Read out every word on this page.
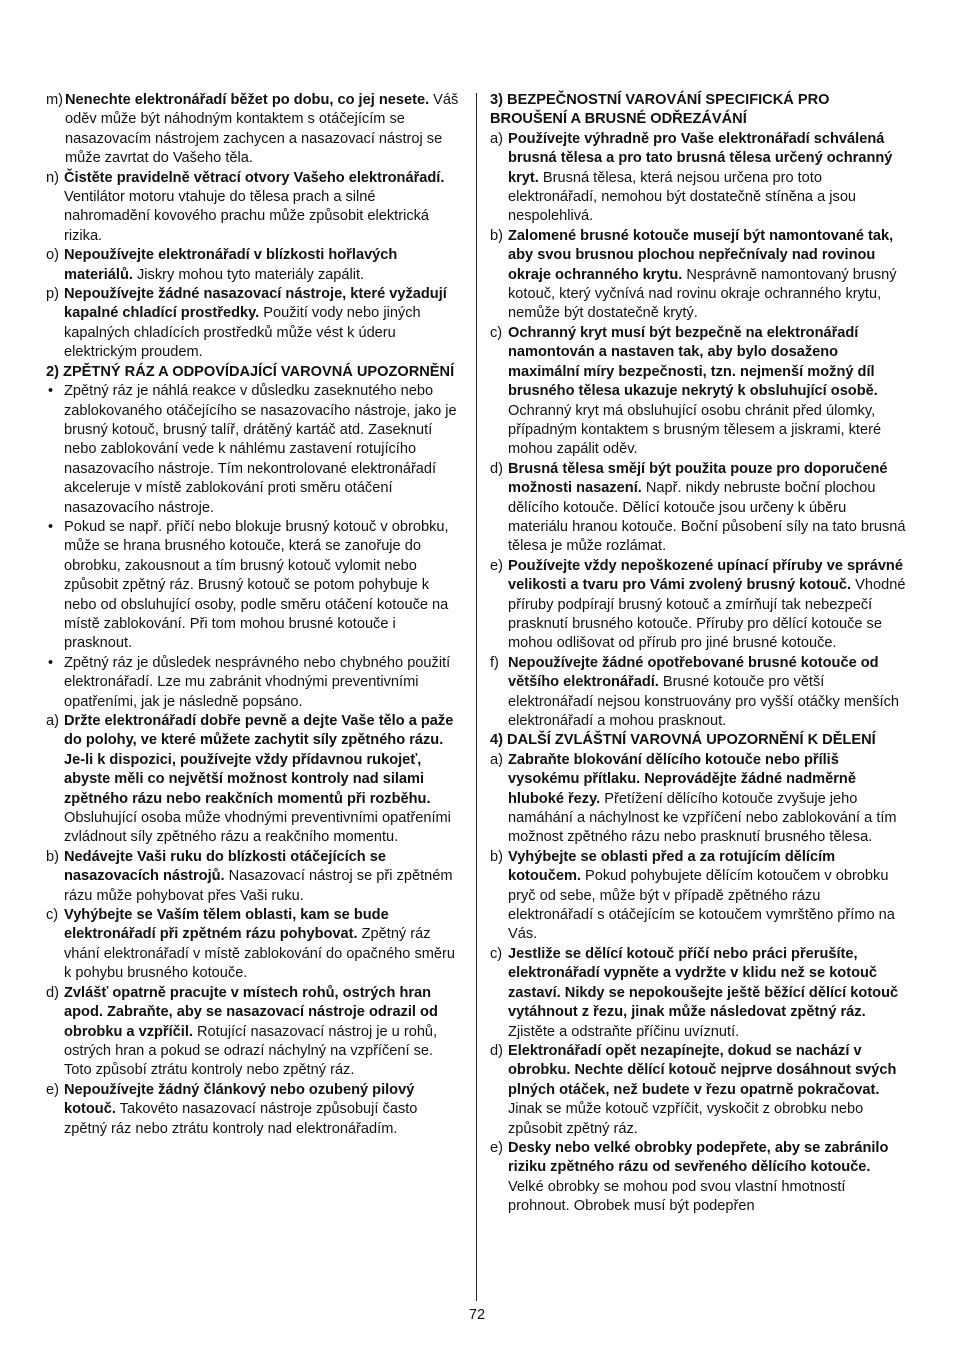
m) Nenechte elektronářadí běžet po dobu, co jej nesete. Váš oděv může být náhodným kontaktem s otáčejícím se nasazovacím nástrojem zachycen a nasazovací nástroj se může zavrtat do Vašeho těla.
n) Čistěte pravidelně větrací otvory Vašeho elektronářadí. Ventilátor motoru vtahuje do tělesa prach a silné nahromadění kovového prachu může způsobit elektrická rizika.
o) Nepoužívejte elektronářadí v blízkosti hořlavých materiálů. Jiskry mohou tyto materiály zapálit.
p) Nepoužívejte žádné nasazovací nástroje, které vyžadují kapalné chladící prostředky. Použití vody nebo jiných kapalných chladících prostředků může vést k úderu elektrickým proudem.
2) ZPĚTNÝ RÁZ A ODPOVÍDAJÍCÍ VAROVNÁ UPOZORNĚNÍ
• Zpětný ráz je náhlá reakce v důsledku zaseknutého nebo zablokovaného otáčejícího se nasazovacího nástroje, jako je brusný kotouč, brusný talíř, drátěný kartáč atd. Zaseknutí nebo zablokování vede k náhlému zastavení rotujícího nasazovacího nástroje. Tím nekontrolované elektronářadí akceleruje v místě zablokování proti směru otáčení nasazovacího nástroje.
• Pokud se např. příčí nebo blokuje brusný kotouč v obrobku, může se hrana brusného kotouče, která se zanořuje do obrobku, zakousnout a tím brusný kotouč vylomit nebo způsobit zpětný ráz. Brusný kotouč se potom pohybuje k nebo od obsluhující osoby, podle směru otáčení kotouče na místě zablokování. Při tom mohou brusné kotouče i prasknout.
• Zpětný ráz je důsledek nesprávného nebo chybného použití elektronářadí. Lze mu zabránit vhodnými preventivními opatřeními, jak je následně popsáno.
a) Držte elektronářadí dobře pevně a dejte Vaše tělo a paže do polohy, ve které můžete zachytit síly zpětného rázu. Je-li k dispozici, používejte vždy přídavnou rukojeť, abyste měli co největší možnost kontroly nad silami zpětného rázu nebo reakčních momentů při rozběhu. Obsluhující osoba může vhodnými preventivními opatřeními zvládnout síly zpětného rázu a reakčního momentu.
b) Nedávejte Vaši ruku do blízkosti otáčejících se nasazovacích nástrojů. Nasazovací nástroj se při zpětném rázu může pohybovat přes Vaši ruku.
c) Vyhýbejte se Vaším tělem oblasti, kam se bude elektronářadí při zpětném rázu pohybovat. Zpětný ráz vhání elektronářadí v místě zablokování do opačného směru k pohybu brusného kotouče.
d) Zvlášť opatrně pracujte v místech rohů, ostrých hran apod. Zabraňte, aby se nasazovací nástroje odrazil od obrobku a vzpříčil. Rotující nasazovací nástroj je u rohů, ostrých hran a pokud se odrazí náchylný na vzpříčení se. Toto způsobí ztrátu kontroly nebo zpětný ráz.
e) Nepoužívejte žádný článkový nebo ozubený pilový kotouč. Takovéto nasazovací nástroje způsobují často zpětný ráz nebo ztrátu kontroly nad elektronářadím.
3) BEZPEČNOSTNÍ VAROVÁNÍ SPECIFICKÁ PRO BROUŠENÍ A BRUSNÉ ODŘEZÁVÁNÍ
a) Používejte výhradně pro Vaše elektronářadí schválená brusná tělesa a pro tato brusná tělesa určený ochranný kryt. Brusná tělesa, která nejsou určena pro toto elektronářadí, nemohou být dostatečně stíněna a jsou nespolehlivá.
b) Zalomené brusné kotouče musejí být namontované tak, aby svou brusnou plochou nepřečnívaly nad rovinou okraje ochranného krytu. Nesprávně namontovaný brusný kotouč, který vyčnívá nad rovinu okraje ochranného krytu, nemůže být dostatečně krytý.
c) Ochranný kryt musí být bezpečně na elektronářadí namontován a nastaven tak, aby bylo dosaženo maximální míry bezpečnosti, tzn. nejmenší možný díl brusného tělesa ukazuje nekrytý k obsluhující osobě. Ochranný kryt má obsluhující osobu chránit před úlomky, případným kontaktem s brusným tělesem a jiskrami, které mohou zapálit oděv.
d) Brusná tělesa smějí být použita pouze pro doporučené možnosti nasazení. Např. nikdy nebruste boční plochou dělícího kotouče. Dělící kotouče jsou určeny k úběru materiálu hranou kotouče. Boční působení síly na tato brusná tělesa je může rozlámat.
e) Používejte vždy nepoškozené upínací příruby ve správné velikosti a tvaru pro Vámi zvolený brusný kotouč. Vhodné příruby podpírají brusný kotouč a zmírňují tak nebezpečí prasknutí brusného kotouče. Příruby pro dělící kotouče se mohou odlišovat od přírub pro jiné brusné kotouče.
f) Nepoužívejte žádné opotřebované brusné kotouče od většího elektronářadí. Brusné kotouče pro větší elektronářadí nejsou konstruovány pro vyšší otáčky menších elektronářadí a mohou prasknout.
4) DALŠÍ ZVLÁŠTNÍ VAROVNÁ UPOZORNĚNÍ K DĚLENÍ
a) Zabraňte blokování dělícího kotouče nebo příliš vysokému přítlaku. Neprovádějte žádné nadměrně hluboké řezy. Přetížení dělícího kotouče zvyšuje jeho namáhání a náchylnost ke vzpříčení nebo zablokování a tím možnost zpětného rázu nebo prasknutí brusného tělesa.
b) Vyhýbejte se oblasti před a za rotujícím dělícím kotoučem. Pokud pohybujete dělícím kotoučem v obrobku pryč od sebe, může být v případě zpětného rázu elektronářadí s otáčejícím se kotoučem vymrštěno přímo na Vás.
c) Jestliže se dělící kotouč příčí nebo práci přerušíte, elektronářadí vypněte a vydržte v klidu než se kotouč zastaví. Nikdy se nepokoušejte ještě běžící dělící kotouč vytáhnout z řezu, jinak může následovat zpětný ráz. Zjistěte a odstraňte příčinu uvíznutí.
d) Elektronářadí opět nezapínejte, dokud se nachází v obrobku. Nechte dělící kotouč nejprve dosáhnout svých plných otáček, než budete v řezu opatrně pokračovat. Jinak se může kotouč vzpříčit, vyskočit z obrobku nebo způsobit zpětný ráz.
e) Desky nebo velké obrobky podepřete, aby se zabránilo riziku zpětného rázu od sevřeného dělícího kotouče. Velké obrobky se mohou pod svou vlastní hmotností prohnout. Obrobek musí být podepřen
72
